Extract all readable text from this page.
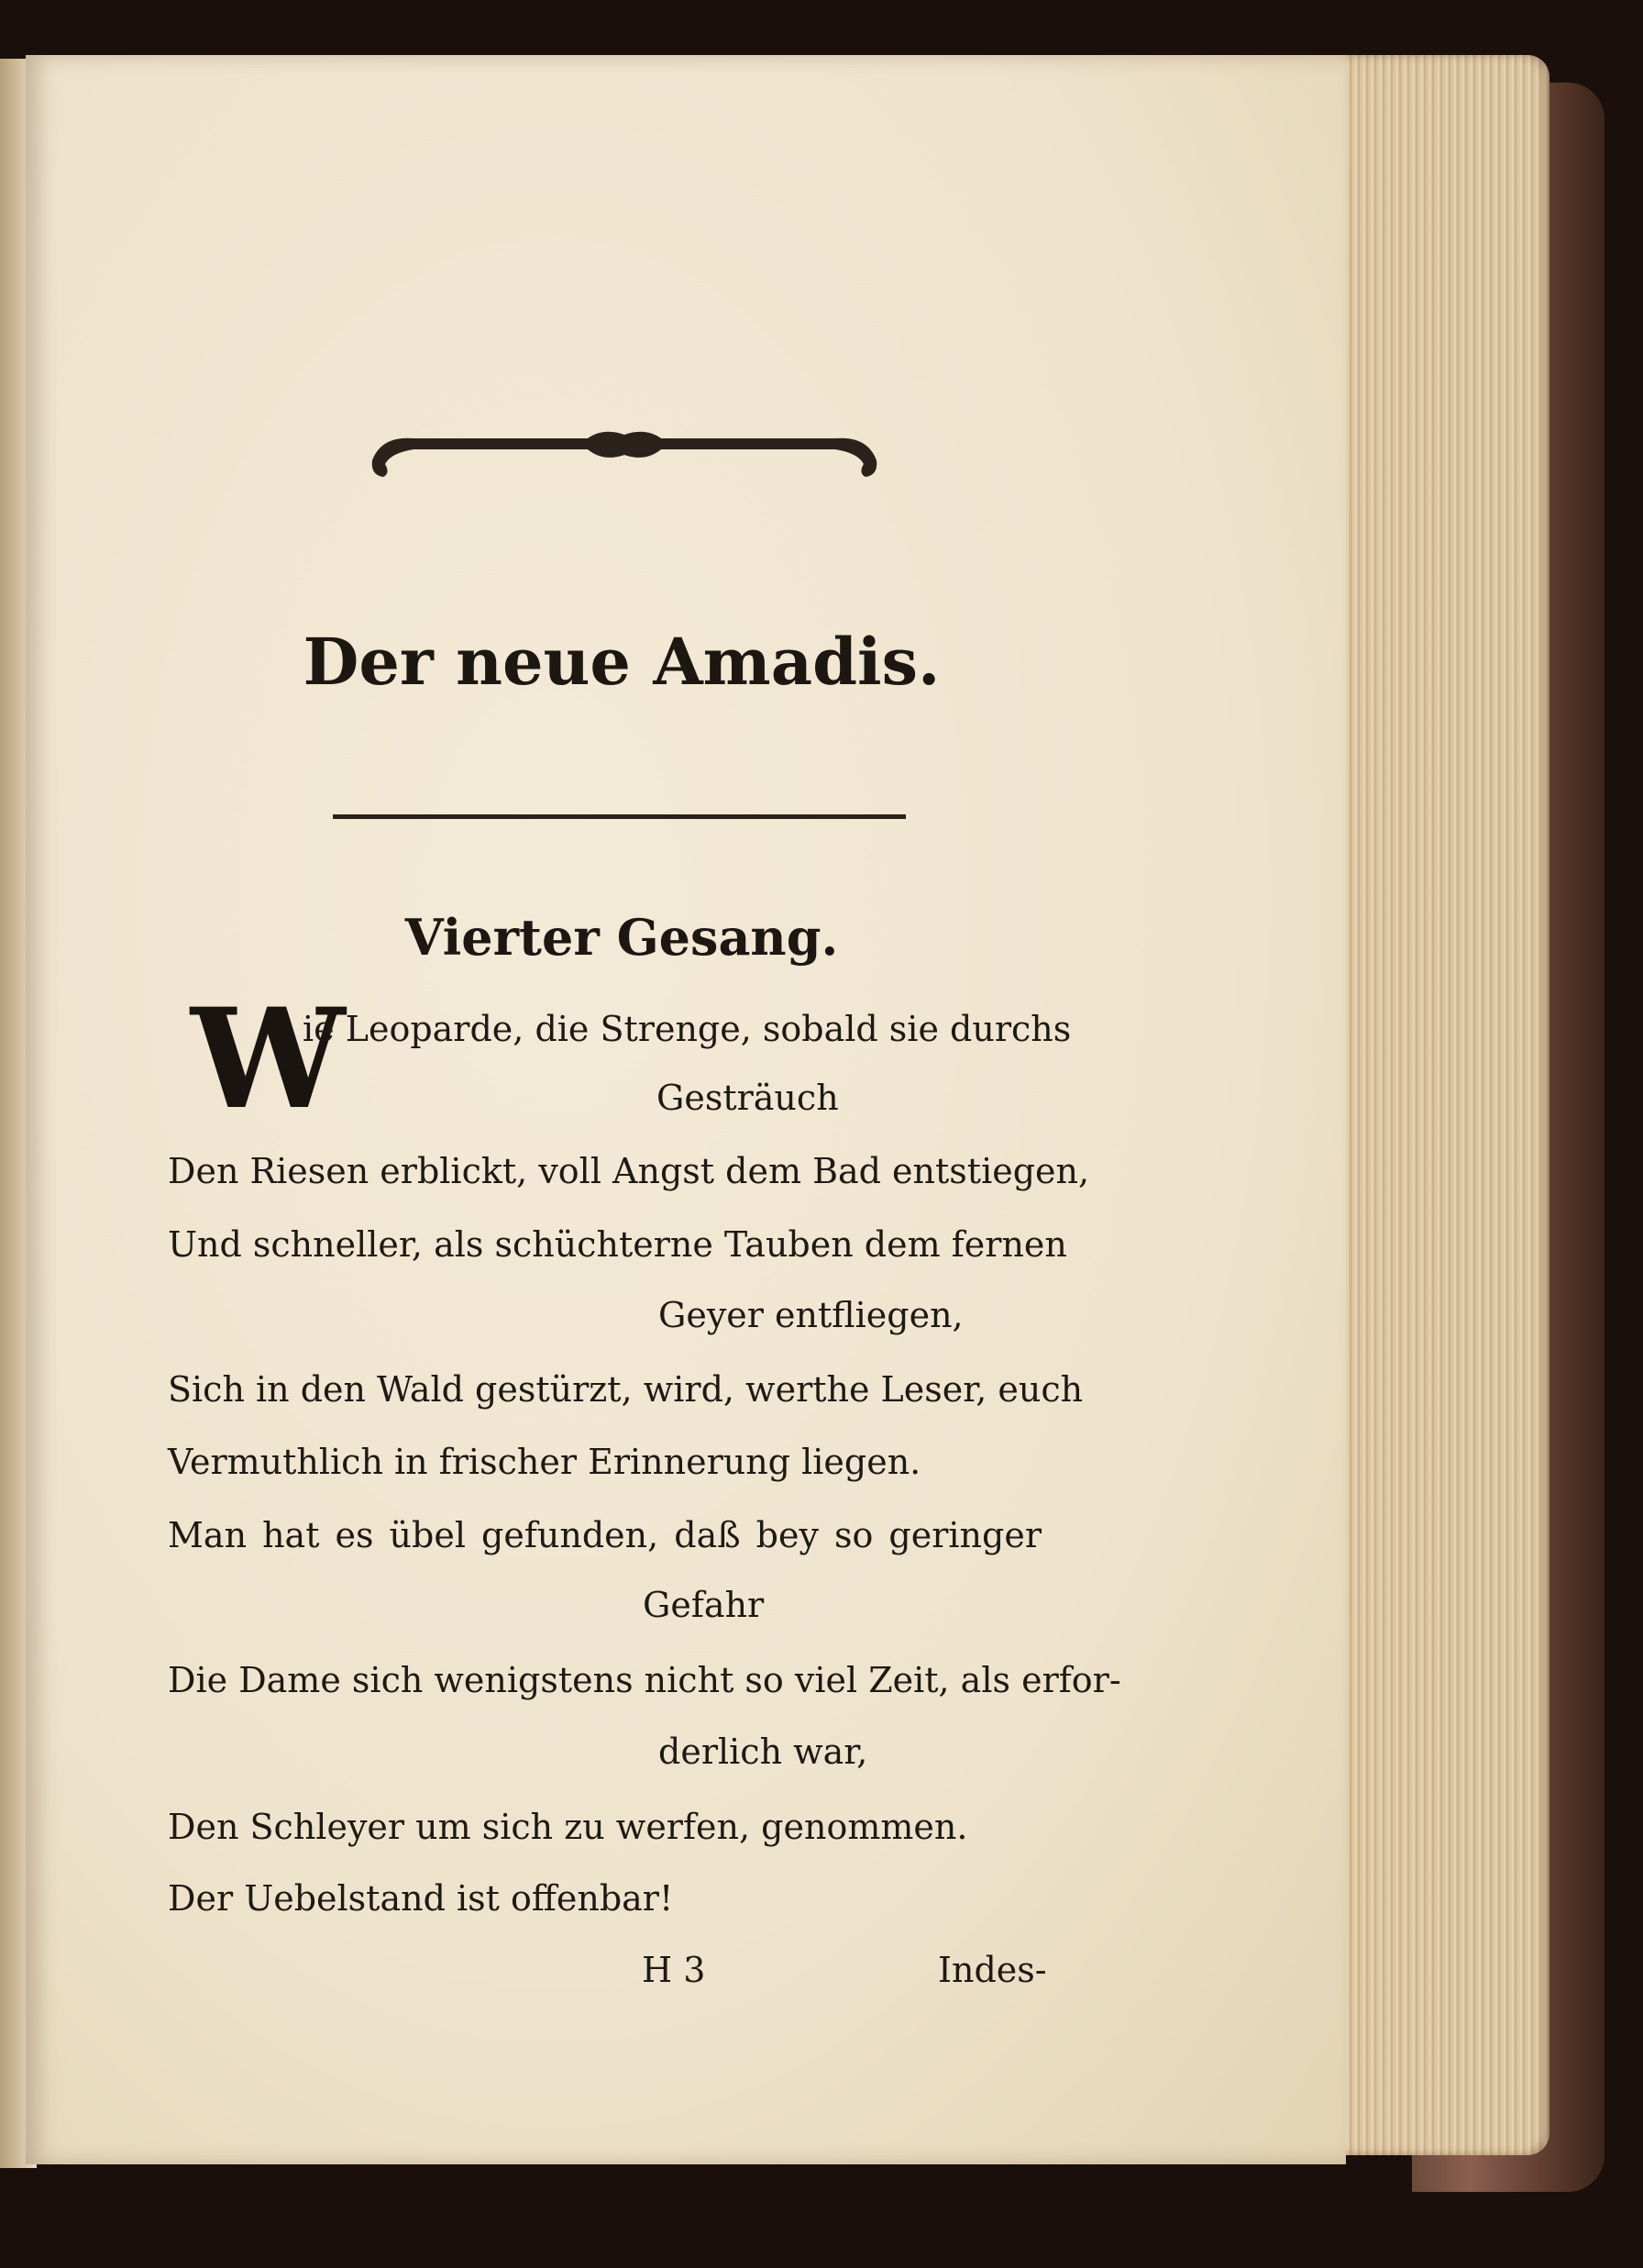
Der neue Amadis.
Vierter Gesang.
W

ie Leoparde, die Strenge, sobald sie durchs

Gesträuch

Den Riesen erblickt, voll Angst dem Bad entstiegen,

Und schneller, als schüchterne Tauben dem fernen

Geyer entfliegen,

Sich in den Wald gestürzt, wird, werthe Leser, euch

Vermuthlich in frischer Erinnerung liegen.

Man hat es übel gefunden, daß bey so geringer

Gefahr

Die Dame sich wenigstens nicht so viel Zeit, als erfor-

derlich war,

Den Schleyer um sich zu werfen, genommen.

Der Uebelstand ist offenbar!

H 3	Indes-
